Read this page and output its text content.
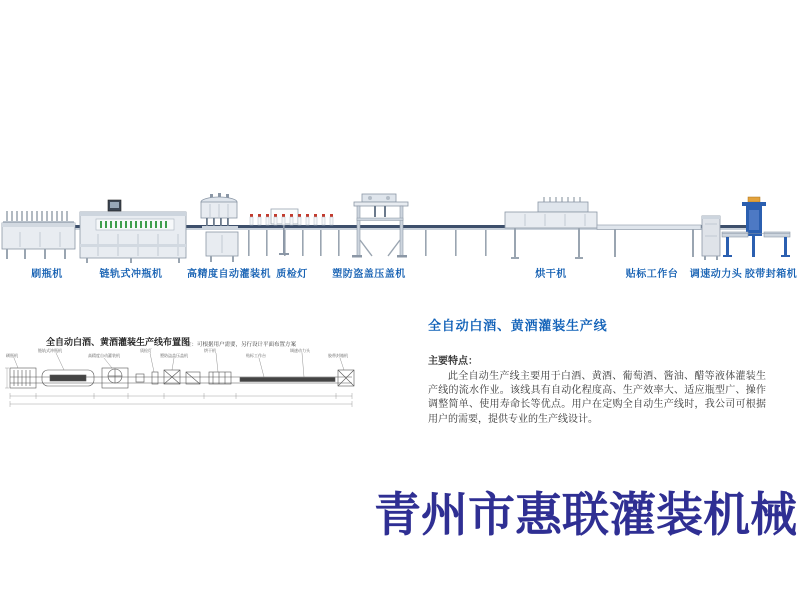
刷瓶机	链轨式冲瓶机 高精度自动灌装机 质检灯 塑防盗盖压盖机	烘干机	贴标工作台 调速动力头 胶带封箱机
全自动白酒、黄酒灌装生产线布置图
注：可根据用户需要，另行设计平面布置方案
刷瓶机
链轨式冲瓶机
高精度自动灌装机
质检灯
塑防盗盖压盖机
烘干机
贴标工作台
调速动力头
胶带封箱机
全自动白酒、黄酒灌装生产线

主要特点：

此全自动生产线主要用于白酒、黄酒、葡萄酒、酱油、醋等液体灌装生产线的流水作业。该线具有自动化程度高、生产效率大、适应瓶型广、操作调整简单、使用寿命长等优点。用户在定购全自动生产线时，我公司可根据用户的需要，提供专业的生产线设计。

青州市惠联灌装机械
